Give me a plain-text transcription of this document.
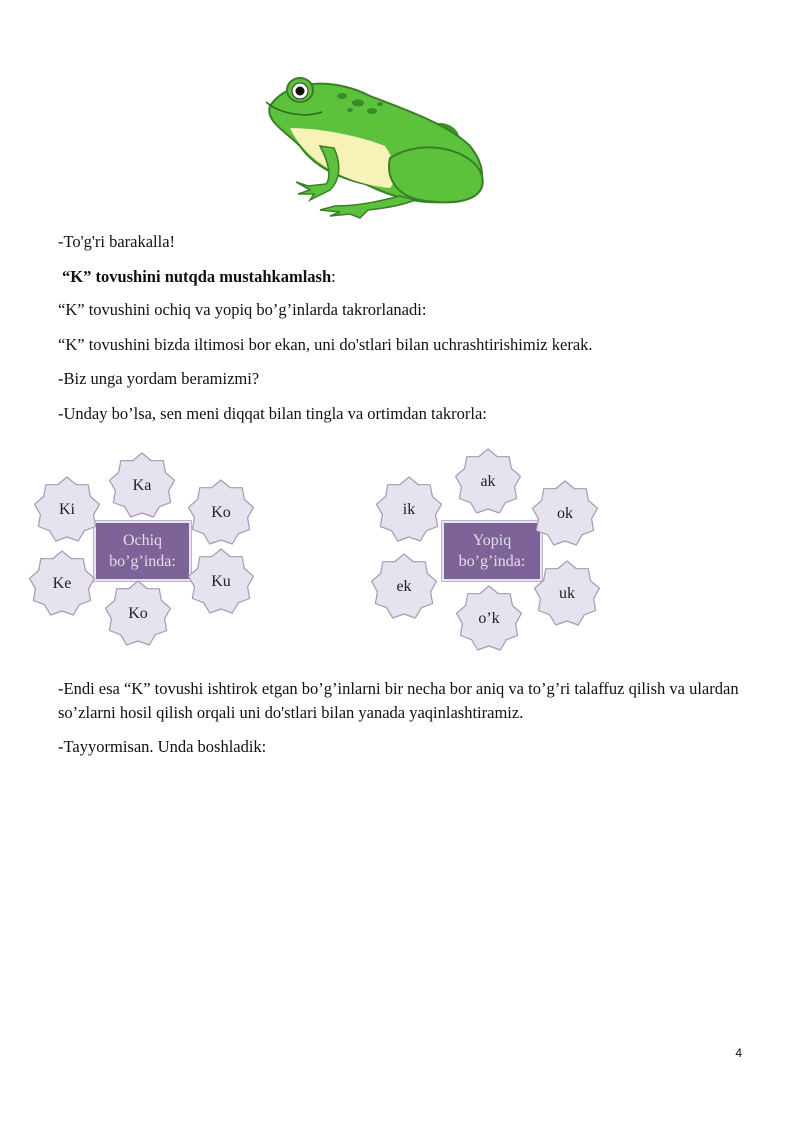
-To'g'ri barakalla!
“K” tovushini nutqda mustahkamlash:
“K” tovushini ochiq va yopiq bo’g’inlarda takrorlanadi:
“K” tovushini bizda iltimosi bor ekan, uni do'stlari bilan uchrashtirishimiz kerak.
-Biz unga yordam beramizmi?
-Unday bo’lsa, sen meni diqqat bilan tingla va ortimdan takrorla:
Ochiq
bo’g’inda:
Ka
Ko
Ku
Ko
Ke
Ki
Yopiq
bo’g’inda:
ak
ok
uk
o’k
ek
ik
-Endi esa “K” tovushi ishtirok etgan bo’g’inlarni bir necha bor aniq va to’g’ri talaffuz qilish va ulardan so’zlarni hosil qilish orqali uni do'stlari bilan yanada yaqinlashtiramiz.
-Tayyormisan. Unda boshladik:
4
